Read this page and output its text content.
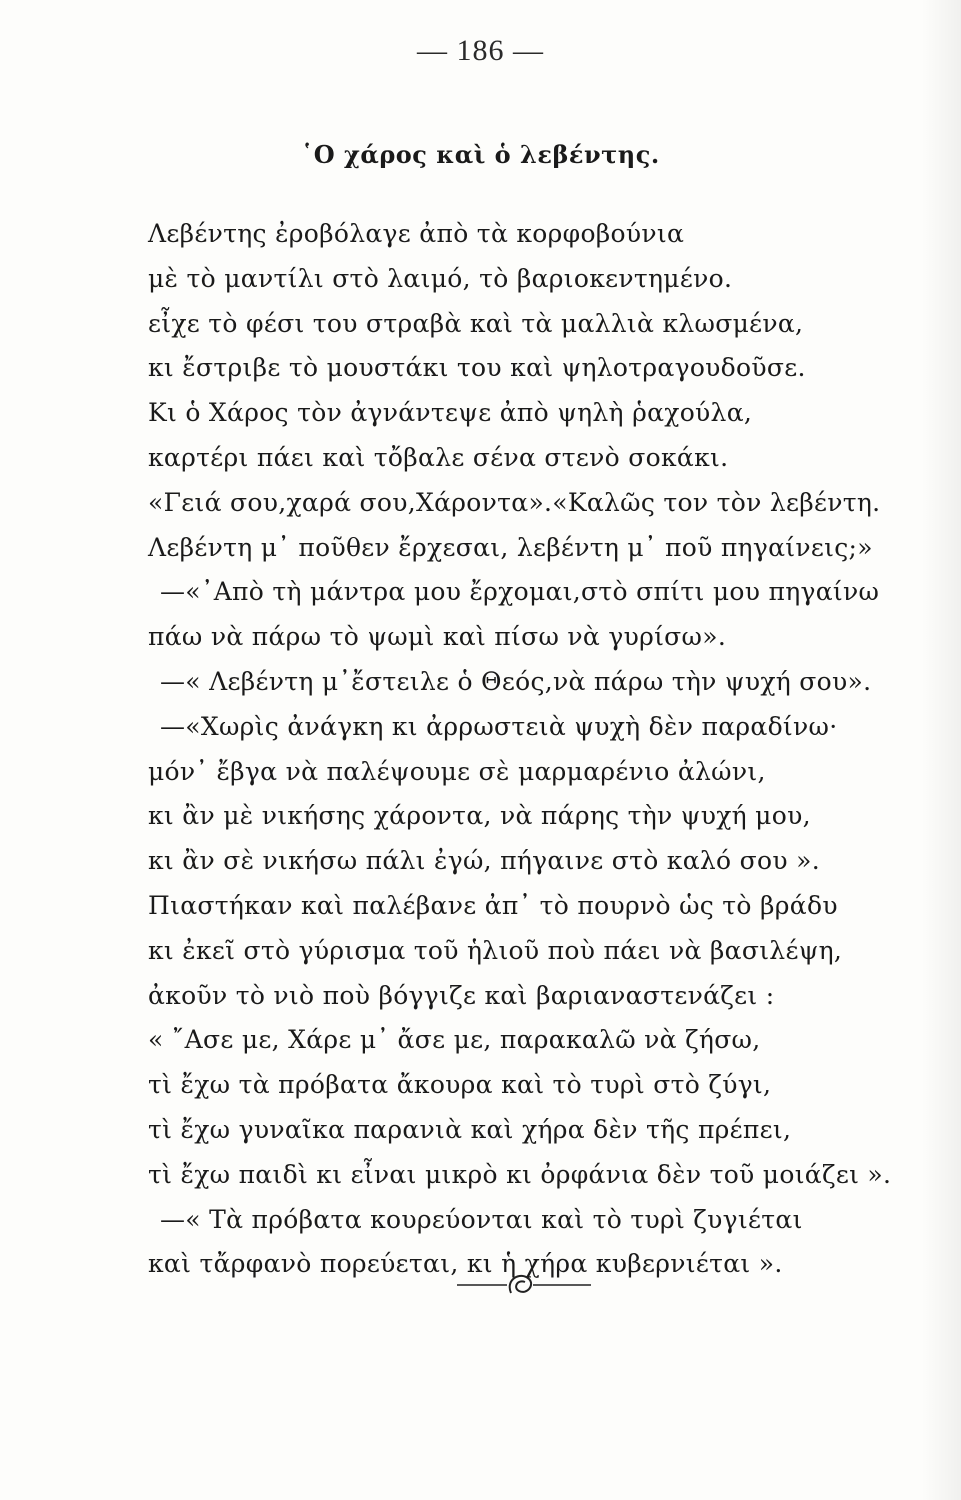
— 186 —
῾Ο χάρος καὶ ὁ λεβέντης.
Λεβέντης ἐροβόλαγε ἀπὸ τὰ κορφοβούνια
μὲ τὸ μαντίλι στὸ λαιμό, τὸ βαριοκεντημένο.
εἶχε τὸ φέσι του στραβὰ καὶ τὰ μαλλιὰ κλωσμένα,
κι ἔστριβε τὸ μουστάκι του καὶ ψηλοτραγουδοῦσε.
Κι ὁ Χάρος τὸν ἀγνάντεψε ἀπὸ ψηλὴ ῥαχούλα,
καρτέρι πάει καὶ τὄβαλε σένα στενὸ σοκάκι.
«Γειά σου,χαρά σου,Χάροντα».«Καλῶς τον τὸν λεβέντη.
Λεβέντη μ᾽ ποῦθεν ἔρχεσαι, λεβέντη μ᾽ ποῦ πηγαίνεις;»
—«᾽Απὸ τὴ μάντρα μου ἔρχομαι,στὸ σπίτι μου πηγαίνω
πάω νὰ πάρω τὸ ψωμὶ καὶ πίσω νὰ γυρίσω».
—« Λεβέντη μ᾽ἔστειλε ὁ Θεός,νὰ πάρω τὴν ψυχή σου».
—«Χωρὶς ἀνάγκη κι ἀρρωστειὰ ψυχὴ δὲν παραδίνω·
μόν᾽ ἔβγα νὰ παλέψουμε σὲ μαρμαρένιο ἀλώνι,
κι ἂν μὲ νικήσης χάροντα, νὰ πάρης τὴν ψυχή μου,
κι ἂν σὲ νικήσω πάλι ἐγώ, πήγαινε στὸ καλό σου ».
Πιαστήκαν καὶ παλέβανε ἀπ᾽ τὸ πουρνὸ ὡς τὸ βράδυ
κι ἐκεῖ στὸ γύρισμα τοῦ ἡλιοῦ ποὺ πάει νὰ βασιλέψη,
ἀκοῦν τὸ νιὸ ποὺ βόγγιζε καὶ βαριαναστενάζει :
« ῎Ασε με, Χάρε μ᾽ ἄσε με, παρακαλῶ νὰ ζήσω,
τὶ ἔχω τὰ πρόβατα ἄκουρα καὶ τὸ τυρὶ στὸ ζύγι,
τὶ ἔχω γυναῖκα παρανιὰ καὶ χήρα δὲν τῆς πρέπει,
τὶ ἔχω παιδὶ κι εἶναι μικρὸ κι ὀρφάνια δὲν τοῦ μοιάζει ».
—« Τὰ πρόβατα κουρεύονται καὶ τὸ τυρὶ ζυγιέται
καὶ τἄρφανὸ πορεύεται, κι ἡ χήρα κυβερνιέται ».
